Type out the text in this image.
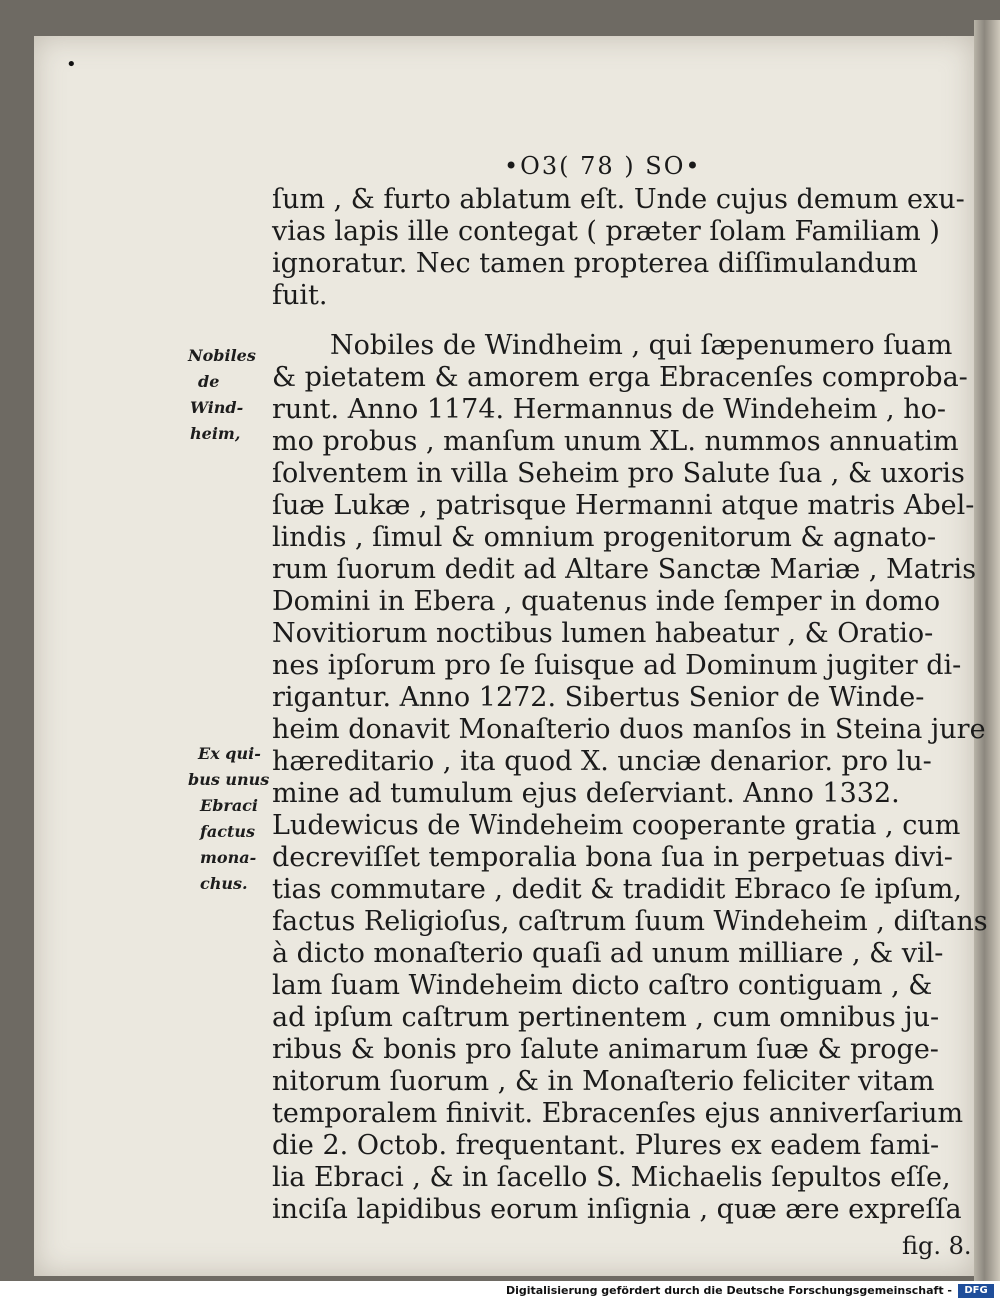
•
•O3( 78 ) SO•
ſum , & furto ablatum eſt. Unde cujus demum exu-
vias lapis ille contegat ( præter ſolam Familiam )
ignoratur. Nec tamen propterea diſſimulandum
fuit.
Nobiles de Windheim , qui ſæpenumero ſuam
& pietatem & amorem erga Ebracenſes comproba-
runt. Anno 1174. Hermannus de Windeheim , ho-
mo probus , manſum unum XL. nummos annuatim
ſolventem in villa Seheim pro Salute ſua , & uxoris
ſuæ Lukæ , patrisque Hermanni atque matris Abel-
lindis , ſimul & omnium progenitorum & agnato-
rum ſuorum dedit ad Altare Sanctæ Mariæ , Matris
Domini in Ebera , quatenus inde ſemper in domo
Novitiorum noctibus lumen habeatur , & Oratio-
nes ipſorum pro ſe ſuisque ad Dominum jugiter di-
rigantur. Anno 1272. Sibertus Senior de Winde-
heim donavit Monaſterio duos manſos in Steina jure
hæreditario , ita quod X. unciæ denarior. pro lu-
mine ad tumulum ejus deſerviant. Anno 1332.
Ludewicus de Windeheim cooperante gratia , cum
decreviſſet temporalia bona ſua in perpetuas divi-
tias commutare , dedit & tradidit Ebraco ſe ipſum,
factus Religioſus, caſtrum ſuum Windeheim , diſtans
à dicto monaſterio quaſi ad unum milliare , & vil-
lam ſuam Windeheim dicto caſtro contiguam , &
ad ipſum caſtrum pertinentem , cum omnibus ju-
ribus & bonis pro ſalute animarum ſuæ & proge-
nitorum ſuorum , & in Monaſterio feliciter vitam
temporalem finivit. Ebracenſes ejus anniverſarium
die 2. Octob. frequentant. Plures ex eadem fami-
lia Ebraci , & in ſacello S. Michaelis ſepultos eſſe,
inciſa lapidibus eorum inſignia , quæ ære expreſſa
fig. 8.
Nobiles
de
Wind-
heim,
Ex qui-
bus unus
Ebraci
factus
mona-
chus.
Digitalisierung gefördert durch die Deutsche Forschungsgemeinschaft -	DFG
